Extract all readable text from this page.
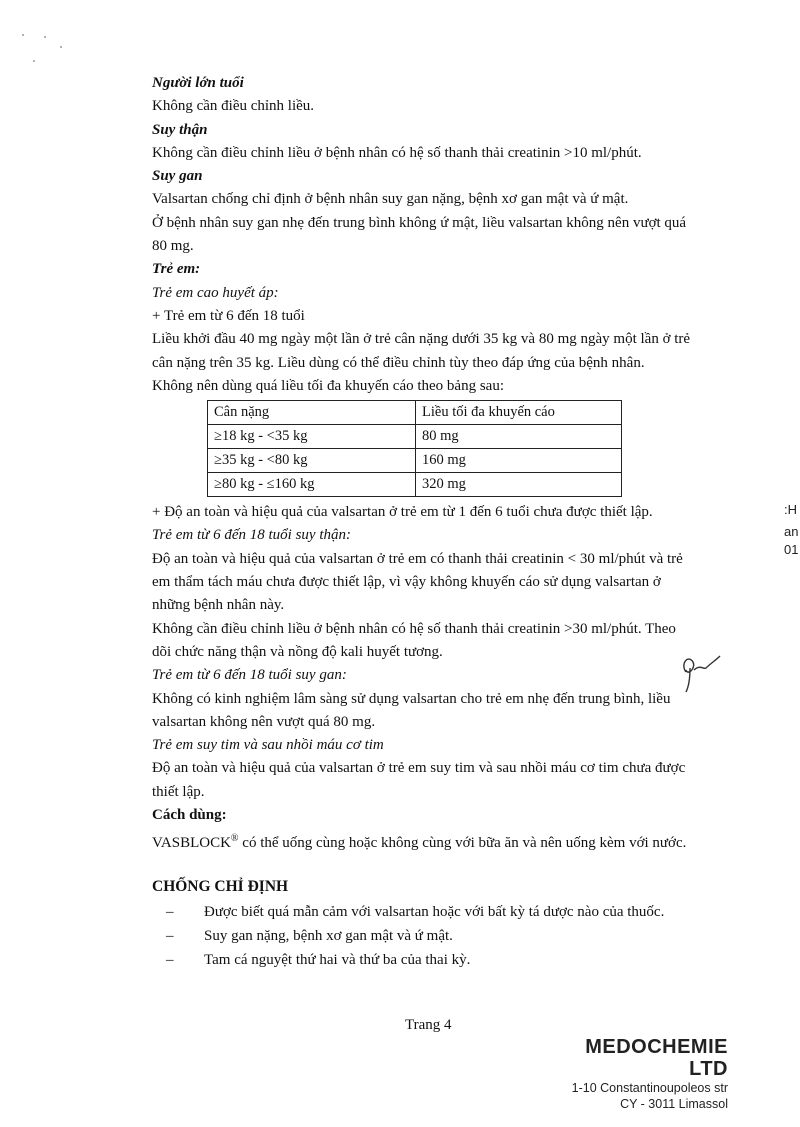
Người lớn tuổi

Không cần điều chỉnh liều.

Suy thận

Không cần điều chỉnh liều ở bệnh nhân có hệ số thanh thải creatinin >10 ml/phút.

Suy gan

Valsartan chống chỉ định ở bệnh nhân suy gan nặng, bệnh xơ gan mật và ứ mật.

Ở bệnh nhân suy gan nhẹ đến trung bình không ứ mật, liều valsartan không nên vượt quá

80 mg.

Trẻ em:

Trẻ em cao huyết áp:

+ Trẻ em từ 6 đến 18 tuổi

Liều khởi đầu 40 mg ngày một lần ở trẻ cân nặng dưới 35 kg và 80 mg ngày một lần ở trẻ

cân nặng trên 35 kg. Liều dùng có thể điều chỉnh tùy theo đáp ứng của bệnh nhân.

Không nên dùng quá liều tối đa khuyến cáo theo bảng sau:

Cân nặng	Liều tối đa khuyến cáo
≥18 kg - <35 kg	80 mg
≥35 kg - <80 kg	160 mg
≥80 kg - ≤160 kg	320 mg

+ Độ an toàn và hiệu quả của valsartan ở trẻ em từ 1 đến 6 tuổi chưa được thiết lập.

Trẻ em từ 6 đến 18 tuổi suy thận:

Độ an toàn và hiệu quả của valsartan ở trẻ em có thanh thải creatinin < 30 ml/phút và trẻ

em thẩm tách máu chưa được thiết lập, vì vậy không khuyến cáo sử dụng valsartan ở

những bệnh nhân này.

Không cần điều chỉnh liều ở bệnh nhân có hệ số thanh thải creatinin >30 ml/phút. Theo

dõi chức năng thận và nồng độ kali huyết tương.

Trẻ em từ 6 đến 18 tuổi suy gan:

Không có kinh nghiệm lâm sàng sử dụng valsartan cho trẻ em nhẹ đến trung bình, liều

valsartan không nên vượt quá 80 mg.

Trẻ em suy tim và sau nhồi máu cơ tim

Độ an toàn và hiệu quả của valsartan ở trẻ em suy tim và sau nhồi máu cơ tim chưa được

thiết lập.

Cách dùng:

VASBLOCK® có thể uống cùng hoặc không cùng với bữa ăn và nên uống kèm với nước.

CHỐNG CHỈ ĐỊNH
– Được biết quá mẫn cảm với valsartan hoặc với bất kỳ tá dược nào của thuốc.
– Suy gan nặng, bệnh xơ gan mật và ứ mật.
– Tam cá nguyệt thứ hai và thứ ba của thai kỳ.
Trang 4
MEDOCHEMIE LTD
1-10 Constantinoupoleos str
CY - 3011 Limassol
:H
an
01
